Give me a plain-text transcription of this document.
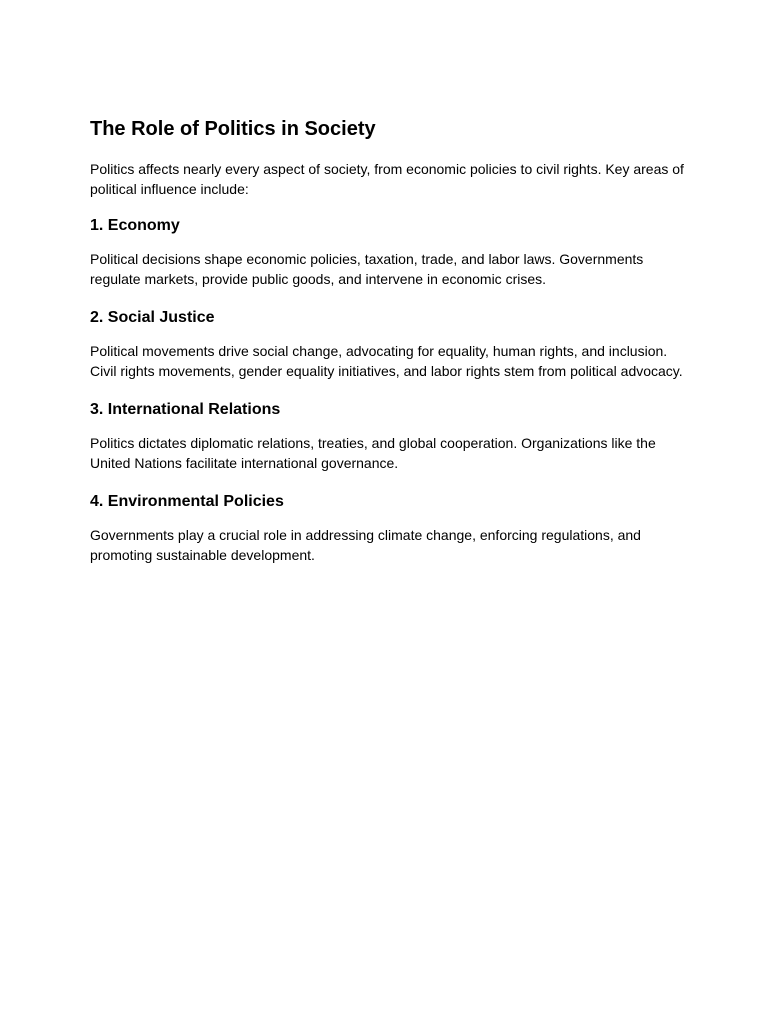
The Role of Politics in Society

Politics affects nearly every aspect of society, from economic policies to civil rights. Key areas of political influence include:

1. Economy

Political decisions shape economic policies, taxation, trade, and labor laws. Governments regulate markets, provide public goods, and intervene in economic crises.

2. Social Justice

Political movements drive social change, advocating for equality, human rights, and inclusion. Civil rights movements, gender equality initiatives, and labor rights stem from political advocacy.

3. International Relations

Politics dictates diplomatic relations, treaties, and global cooperation. Organizations like the United Nations facilitate international governance.

4. Environmental Policies

Governments play a crucial role in addressing climate change, enforcing regulations, and promoting sustainable development.
